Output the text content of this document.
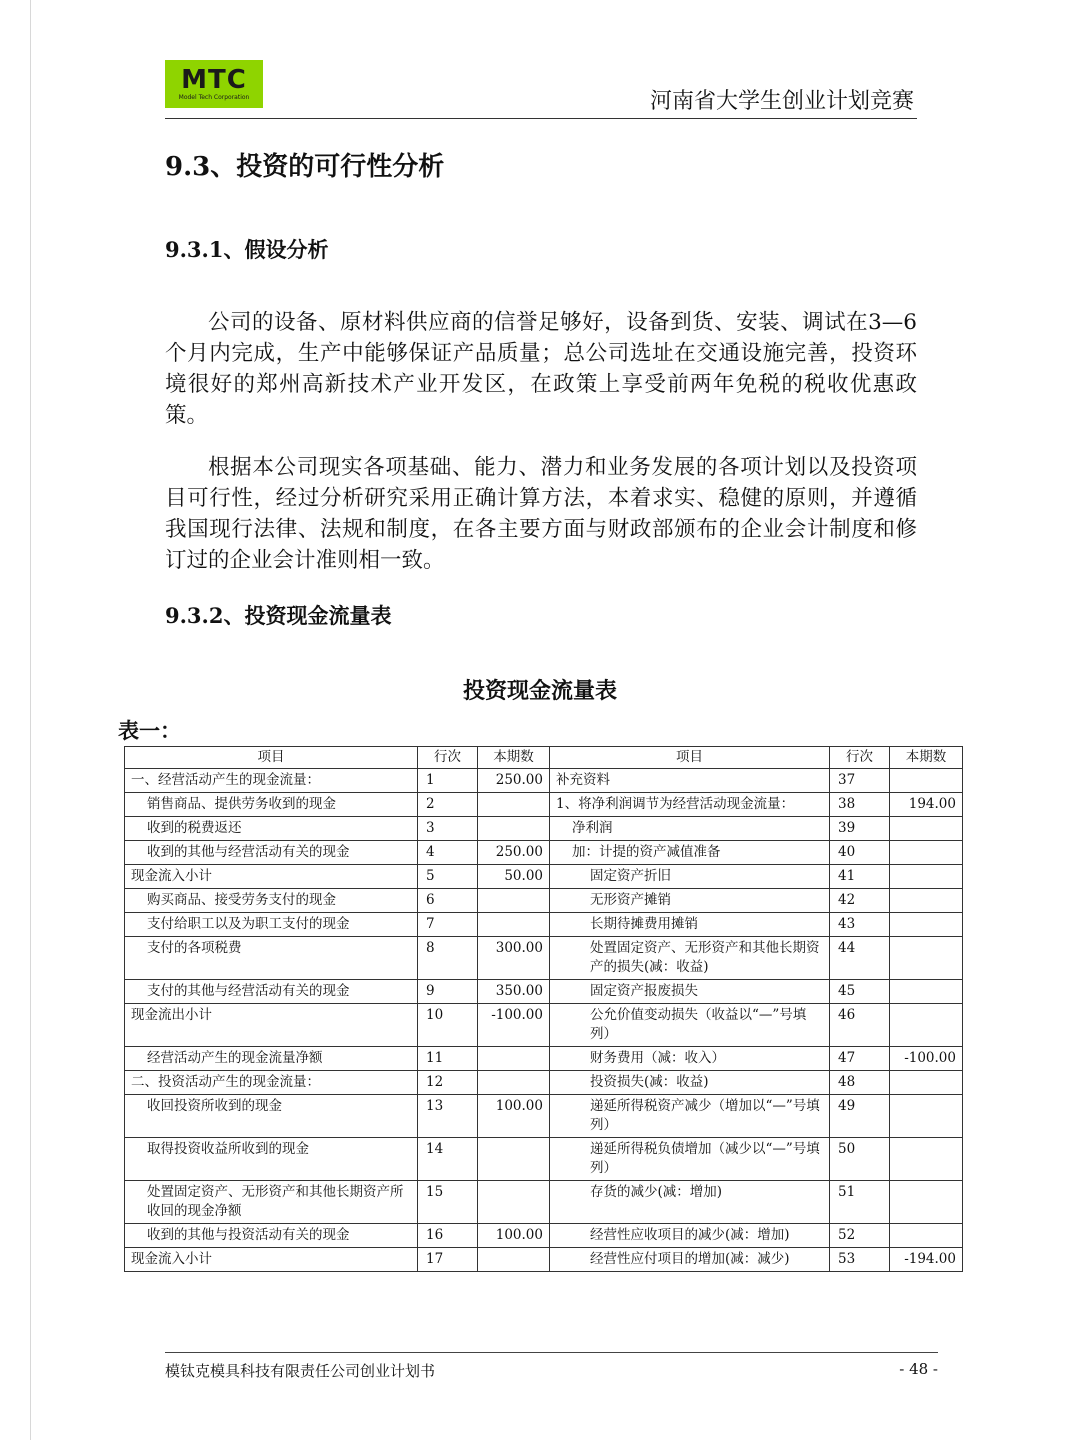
MTC
Model Tech Corporation	河南省大学生创业计划竞赛
9.3、投资的可行性分析
9.3.1、假设分析

公司的设备、原材料供应商的信誉足够好，设备到货、安装、调试在3—6个月内完成，生产中能够保证产品质量；总公司选址在交通设施完善，投资环境很好的郑州高新技术产业开发区，在政策上享受前两年免税的税收优惠政策。

根据本公司现实各项基础、能力、潜力和业务发展的各项计划以及投资项目可行性，经过分析研究采用正确计算方法，本着求实、稳健的原则，并遵循我国现行法律、法规和制度，在各主要方面与财政部颁布的企业会计制度和修订过的企业会计准则相一致。

9.3.2、投资现金流量表
投资现金流量表
表一：
项目	行次	本期数	项目	行次	本期数
一、经营活动产生的现金流量：	1	250.00	补充资料	37	
销售商品、提供劳务收到的现金	2		1、将净利润调节为经营活动现金流量：	38	194.00
收到的税费返还	3		净利润	39	
收到的其他与经营活动有关的现金	4	250.00	加：计提的资产减值准备	40	
现金流入小计	5	50.00	固定资产折旧	41	
购买商品、接受劳务支付的现金	6		无形资产摊销	42	
支付给职工以及为职工支付的现金	7		长期待摊费用摊销	43	
支付的各项税费	8	300.00	处置固定资产、无形资产和其他长期资产的损失(减：收益)	44	
支付的其他与经营活动有关的现金	9	350.00	固定资产报废损失	45	
现金流出小计	10	-100.00	公允价值变动损失（收益以“—”号填列）	46	
经营活动产生的现金流量净额	11		财务费用（减：收入）	47	-100.00
二、投资活动产生的现金流量：	12		投资损失(减：收益)	48	
收回投资所收到的现金	13	100.00	递延所得税资产减少（增加以“—”号填列）	49	
取得投资收益所收到的现金	14		递延所得税负债增加（减少以“—”号填列）	50	
处置固定资产、无形资产和其他长期资产所收回的现金净额	15		存货的减少(减：增加)	51	
收到的其他与投资活动有关的现金	16	100.00	经营性应收项目的减少(减：增加)	52	
现金流入小计	17		经营性应付项目的增加(减：减少)	53	-194.00
模钛克模具科技有限责任公司创业计划书	- 48 -
